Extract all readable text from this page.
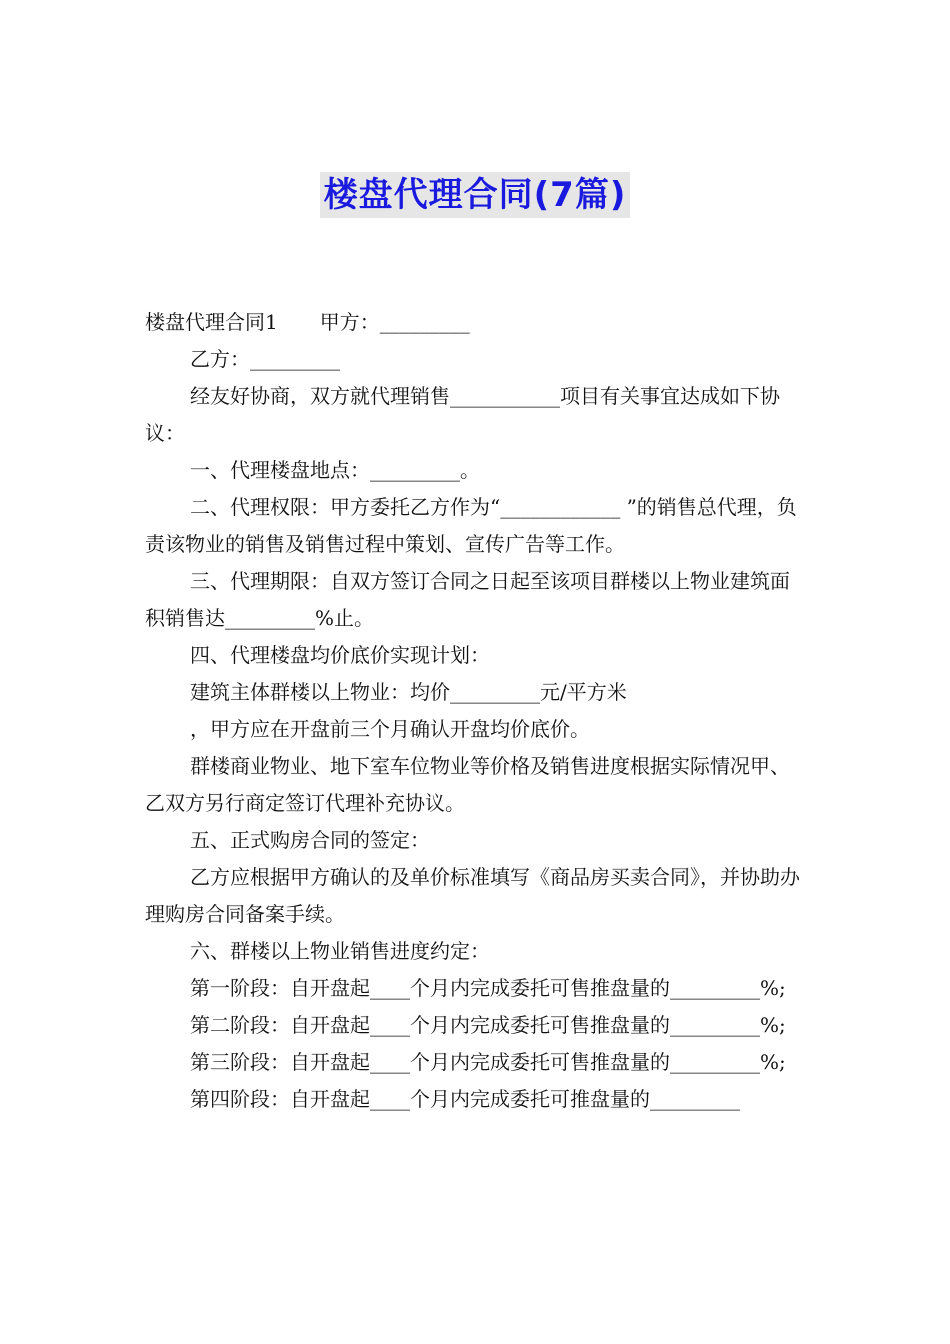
楼盘代理合同(7篇)

楼盘代理合同1 甲方：_________

乙方：_________

经友好协商，双方就代理销售___________项目有关事宜达成如下协议：

一、代理楼盘地点：_________。

二、代理权限：甲方委托乙方作为“____________ ”的销售总代理，负责该物业的销售及销售过程中策划、宣传广告等工作。

三、代理期限：自双方签订合同之日起至该项目群楼以上物业建筑面积销售达_________%止。

四、代理楼盘均价底价实现计划：

建筑主体群楼以上物业：均价_________元/平方米

，甲方应在开盘前三个月确认开盘均价底价。

群楼商业物业、地下室车位物业等价格及销售进度根据实际情况甲、乙双方另行商定签订代理补充协议。

五、正式购房合同的签定：

乙方应根据甲方确认的及单价标准填写《商品房买卖合同》，并协助办理购房合同备案手续。

六、群楼以上物业销售进度约定：

第一阶段：自开盘起____个月内完成委托可售推盘量的_________%;

第二阶段：自开盘起____个月内完成委托可售推盘量的_________%;

第三阶段：自开盘起____个月内完成委托可售推盘量的_________%;

第四阶段：自开盘起____个月内完成委托可推盘量的_________
